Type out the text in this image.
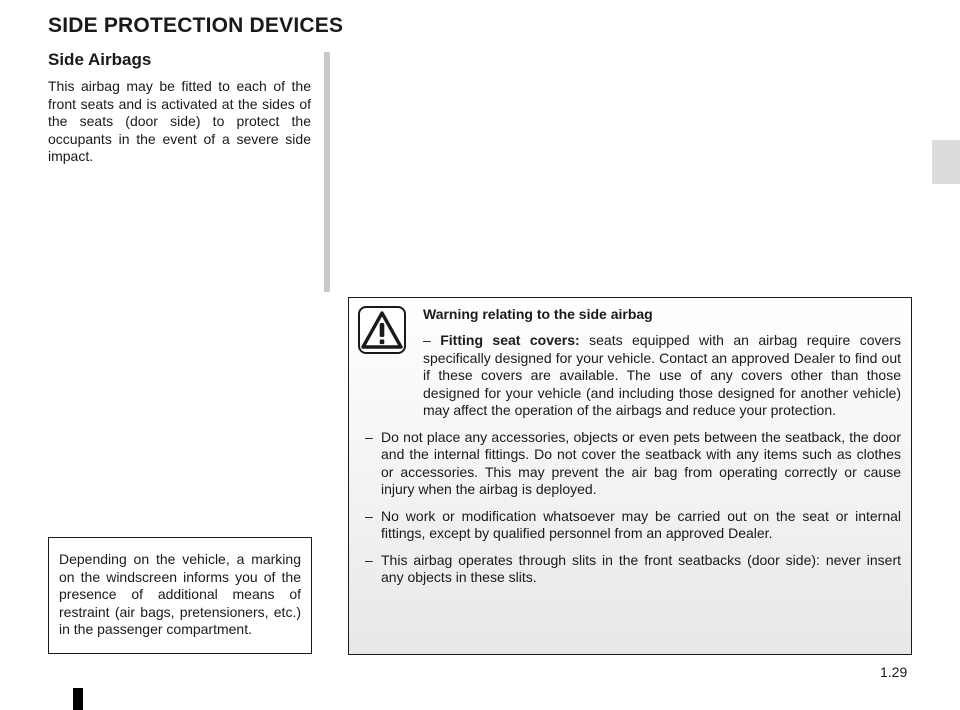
SIDE PROTECTION DEVICES
Side Airbags

This airbag may be fitted to each of the front seats and is activated at the sides of the seats (door side) to protect the occupants in the event of a severe side impact.

Depending on the vehicle, a marking on the windscreen informs you of the presence of additional means of restraint (air bags, pretensioners, etc.) in the passenger compartment.

Warning relating to the side airbag

– Fitting seat covers: seats equipped with an airbag require covers specifically designed for your vehicle. Contact an approved Dealer to find out if these covers are available. The use of any covers other than those designed for your vehicle (and including those designed for another vehicle) may affect the operation of the airbags and reduce your protection.

– Do not place any accessories, objects or even pets between the seatback, the door and the internal fittings. Do not cover the seatback with any items such as clothes or accessories. This may prevent the air bag from operating correctly or cause injury when the airbag is deployed.

– No work or modification whatsoever may be carried out on the seat or internal fittings, except by qualified personnel from an approved Dealer.

– This airbag operates through slits in the front seatbacks (door side): never insert any objects in these slits.

1.29
